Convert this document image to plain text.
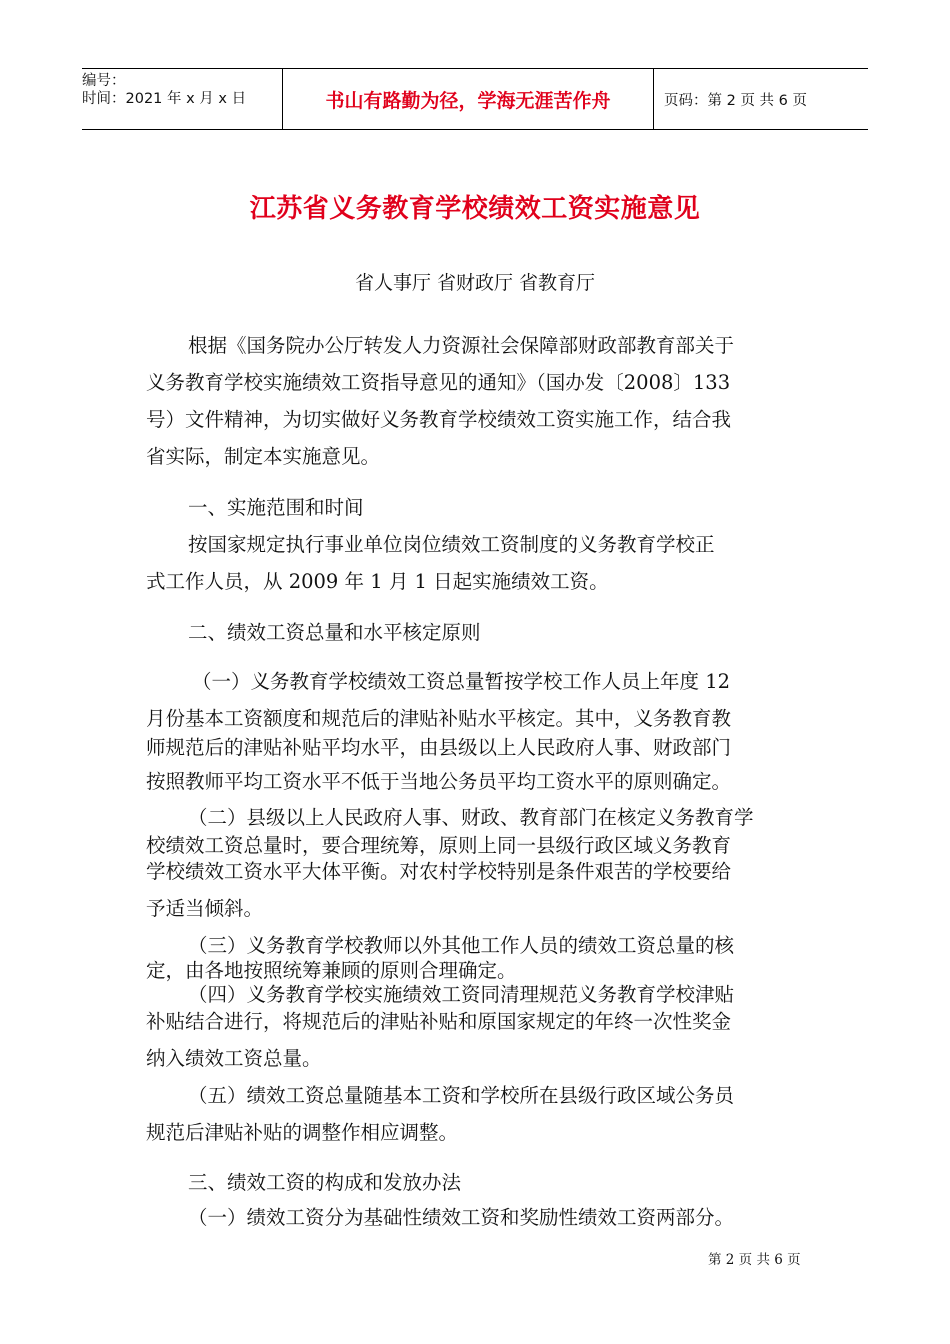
编号：
时间：2021 年 x 月 x 日	书山有路勤为径，学海无涯苦作舟	页码：第 2 页 共 6 页
江苏省义务教育学校绩效工资实施意见
省人事厅 省财政厅 省教育厅
根据《国务院办公厅转发人力资源社会保障部财政部教育部关于
义务教育学校实施绩效工资指导意见的通知》（国办发〔2008〕133
号）文件精神，为切实做好义务教育学校绩效工资实施工作，结合我
省实际，制定本实施意见。
一、实施范围和时间
按国家规定执行事业单位岗位绩效工资制度的义务教育学校正
式工作人员，从 2009 年 1 月 1 日起实施绩效工资。
二、绩效工资总量和水平核定原则
（一）义务教育学校绩效工资总量暂按学校工作人员上年度 12
月份基本工资额度和规范后的津贴补贴水平核定。其中，义务教育教
师规范后的津贴补贴平均水平，由县级以上人民政府人事、财政部门
按照教师平均工资水平不低于当地公务员平均工资水平的原则确定。
（二）县级以上人民政府人事、财政、教育部门在核定义务教育学
校绩效工资总量时，要合理统筹，原则上同一县级行政区域义务教育
学校绩效工资水平大体平衡。对农村学校特别是条件艰苦的学校要给
予适当倾斜。
（三）义务教育学校教师以外其他工作人员的绩效工资总量的核
定，由各地按照统筹兼顾的原则合理确定。
（四）义务教育学校实施绩效工资同清理规范义务教育学校津贴
补贴结合进行，将规范后的津贴补贴和原国家规定的年终一次性奖金
纳入绩效工资总量。
（五）绩效工资总量随基本工资和学校所在县级行政区域公务员
规范后津贴补贴的调整作相应调整。
三、绩效工资的构成和发放办法
（一）绩效工资分为基础性绩效工资和奖励性绩效工资两部分。
第 2 页 共 6 页
